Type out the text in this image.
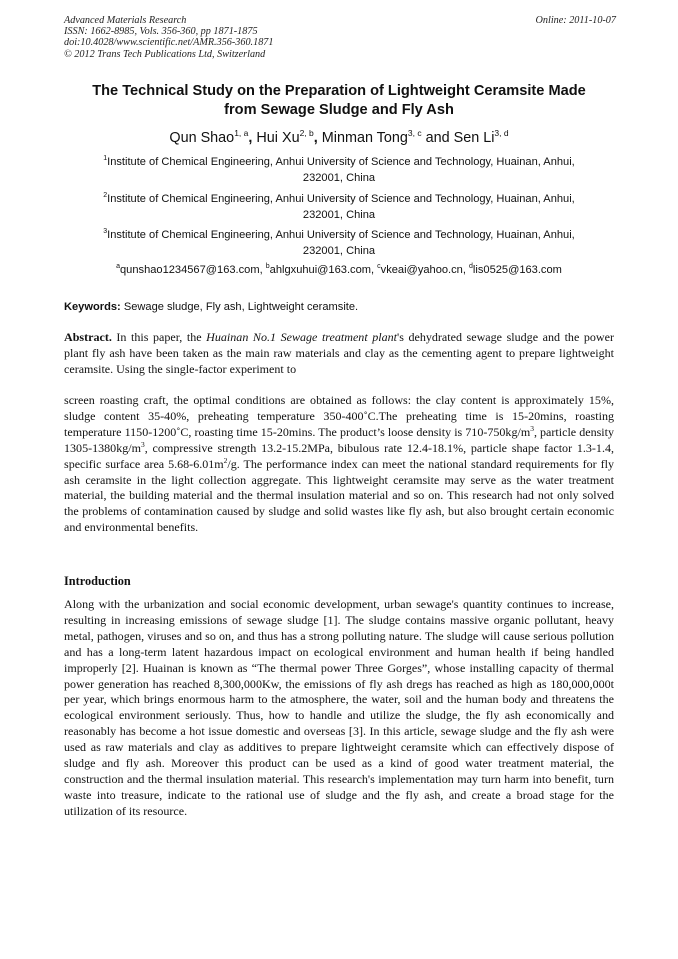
Advanced Materials Research
ISSN: 1662-8985, Vols. 356-360, pp 1871-1875
doi:10.4028/www.scientific.net/AMR.356-360.1871
© 2012 Trans Tech Publications Ltd, Switzerland
Online: 2011-10-07
The Technical Study on the Preparation of Lightweight Ceramsite Made
from Sewage Sludge and Fly Ash
Qun Shao$^{1, a}$, Hui Xu$^{2, b}$, Minman Tong$^{3, c}$ and Sen Li$^{3, d}$
$^1$Institute of Chemical Engineering, Anhui University of Science and Technology, Huainan, Anhui,
232001, China
$^2$Institute of Chemical Engineering, Anhui University of Science and Technology, Huainan, Anhui,
232001, China
$^3$Institute of Chemical Engineering, Anhui University of Science and Technology, Huainan, Anhui,
232001, China
$^a$qunshao1234567@163.com, $^b$ahlgxuhui@163.com, $^c$vkeai@yahoo.cn, $^d$lis0525@163.com
Keywords: Sewage sludge, Fly ash, Lightweight ceramsite.
Abstract. In this paper, the Huainan No.1 Sewage treatment plant's dehydrated sewage sludge and the power plant fly ash have been taken as the main raw materials and clay as the cementing agent to prepare lightweight ceramsite. Using the single-factor experiment to
screen roasting craft, the optimal conditions are obtained as follows: the clay content is approximately 15%, sludge content 35-40%, preheating temperature 350-400˚C.The preheating time is 15-20mins, roasting temperature 1150-1200˚C, roasting time 15-20mins. The product’s loose density is $710-750kg/m^3$, particle density $1305-1380kg/m^3$, compressive strength 13.2-15.2MPa, bibulous rate 12.4-18.1%, particle shape factor 1.3-1.4, specific surface area $5.68-6.01m^2/g$. The performance index can meet the national standard requirements for fly ash ceramsite in the light collection aggregate. This lightweight ceramsite may serve as the water treatment material, the building material and the thermal insulation material and so on. This research had not only solved the problems of contamination caused by sludge and solid wastes like fly ash, but also brought certain economic and environmental benefits.
Introduction
Along with the urbanization and social economic development, urban sewage's quantity continues to increase, resulting in increasing emissions of sewage sludge [1]. The sludge contains massive organic pollutant, heavy metal, pathogen, viruses and so on, and thus has a strong polluting nature. The sludge will cause serious pollution and has a long-term latent hazardous impact on ecological environment and human health if being handled improperly [2]. Huainan is known as “The thermal power Three Gorges”, whose installing capacity of thermal power generation has reached 8,300,000Kw, the emissions of fly ash dregs has reached as high as 180,000,000t per year, which brings enormous harm to the atmosphere, the water, soil and the human body and threatens the ecological environment seriously. Thus, how to handle and utilize the sludge, the fly ash economically and reasonably has become a hot issue domestic and overseas [3]. In this article, sewage sludge and the fly ash were used as raw materials and clay as additives to prepare lightweight ceramsite which can effectively dispose of sludge and fly ash. Moreover this product can be used as a kind of good water treatment material, the construction and the thermal insulation material. This research's implementation may turn harm into benefit, turn waste into treasure, indicate to the rational use of sludge and the fly ash, and create a broad stage for the utilization of its resource.
